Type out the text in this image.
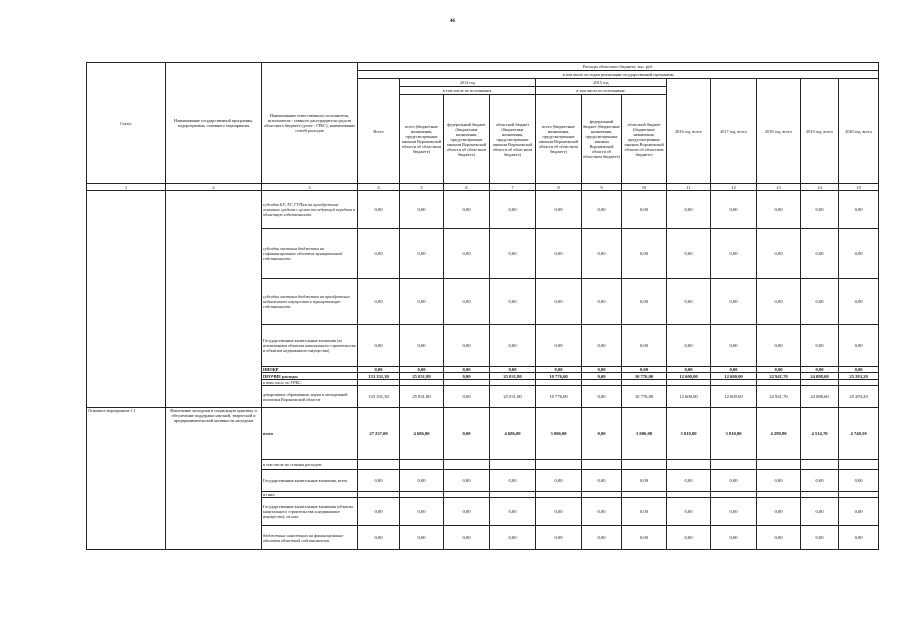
46
Статус	Наименование государственной программы, подпрограммы, основного мероприятия	Наименование ответственного исполнителя, исполнителя - главного распорядителя средств областного бюджета (далее - ГРБС), наименование статей расходов	Расходы областного бюджета, тыс. руб.											
			в том числе по годам реализации государственной программы											
			Всего	2014 год			2015 год			2016 год, всего	2017 год, всего	2018 год, всего	2019 год, всего	2020 год, всего
				в том числе по источникам:			в том числе по источникам:							
				всего (бюджетные назначения, предусмотренные законом Воронежской области об областном бюджете)	федеральный бюджет (бюджетные назначения, предусмотренные законом Воронежской области об областном бюджете)	областной бюджет (бюджетные назначения, предусмотренные законом Воронежской области об областном бюджете)	всего (бюджетные назначения, предусмотренные законом Воронежской области об областном бюджете)	федеральный бюджет (бюджетные назначения, предусмотренные законом Воронежской области об областном бюджете)	областной бюджет (бюджетные назначения, предусмотренные законом Воронежской области об областном бюджете)					
1	2	3	4	5	6	7	8	9	10	11	12	13	14	15
		субсидии БУ, АУ, ГУПам на приобретение основных средств с целью последующей передачи в областную собственность	0,00	0,00	0,00	0,00	0,00	0,00	0,00	0,00	0,00	0,00	0,00	0,00
		субсидии местным бюджетам на софинансирование объектов муниципальной собственности	0,00	0,00	0,00	0,00	0,00	0,00	0,00	0,00	0,00	0,00	0,00	0,00
		субсидии местным бюджетам на приобретение недвижимого имущества в муниципальную собственность	0,00	0,00	0,00	0,00	0,00	0,00	0,00	0,00	0,00	0,00	0,00	0,00
		Государственные капитальные вложения (за исключением объектов капитального строительства и объектов недвижимого имущества)	0,00	0,00	0,00	0,00	0,00	0,00	0,00	0,00	0,00	0,00	0,00	0,00
		НИОКР	0,00	0,00	0,00	0,00	0,00	0,00	0,00	0,00	0,00	0,00	0,00	0,00
		ПРОЧИЕ расходы	133 331,30	25 031,80	0,00	25 031,80	10 776,00	0,00	10 776,00	12 600,00	12 600,00	22 941,70	24 088,60	25 293,20
		в том числе по ГРБС:												
		департамент образования, науки и молодежной политики Воронежской области	133 331,30	25 031,80	0,00	25 031,80	10 776,00	0,00	10 776,00	12 600,00	12 600,00	22 941,70	24 088,60	25 293,20
Основное мероприятие 1.1	Вовлечение молодежи в социальную практику и обеспечение поддержки научной, творческой и предпринимательской активности молодежи	всего	27 237,00	4 686,00	0,00	4 686,00	3 006,00	0,00	3 006,00	3 010,00	3 010,00	4 299,80	4 514,70	4 740,50
		в том числе по статьям расходов:												
		Государственные капитальные вложения, всего	0,00	0,00	0,00	0,00	0,00	0,00	0,00	0,00	0,00	0,00	0,00	0,00
		из них:												
		Государственные капитальные вложения (объекты капитального строительства и недвижимое имущество), из них:	0,00	0,00	0,00	0,00	0,00	0,00	0,00	0,00	0,00	0,00	0,00	0,00
		бюджетные инвестиции на финансирование объектов областной собственности	0,00	0,00	0,00	0,00	0,00	0,00	0,00	0,00	0,00	0,00	0,00	0,00
